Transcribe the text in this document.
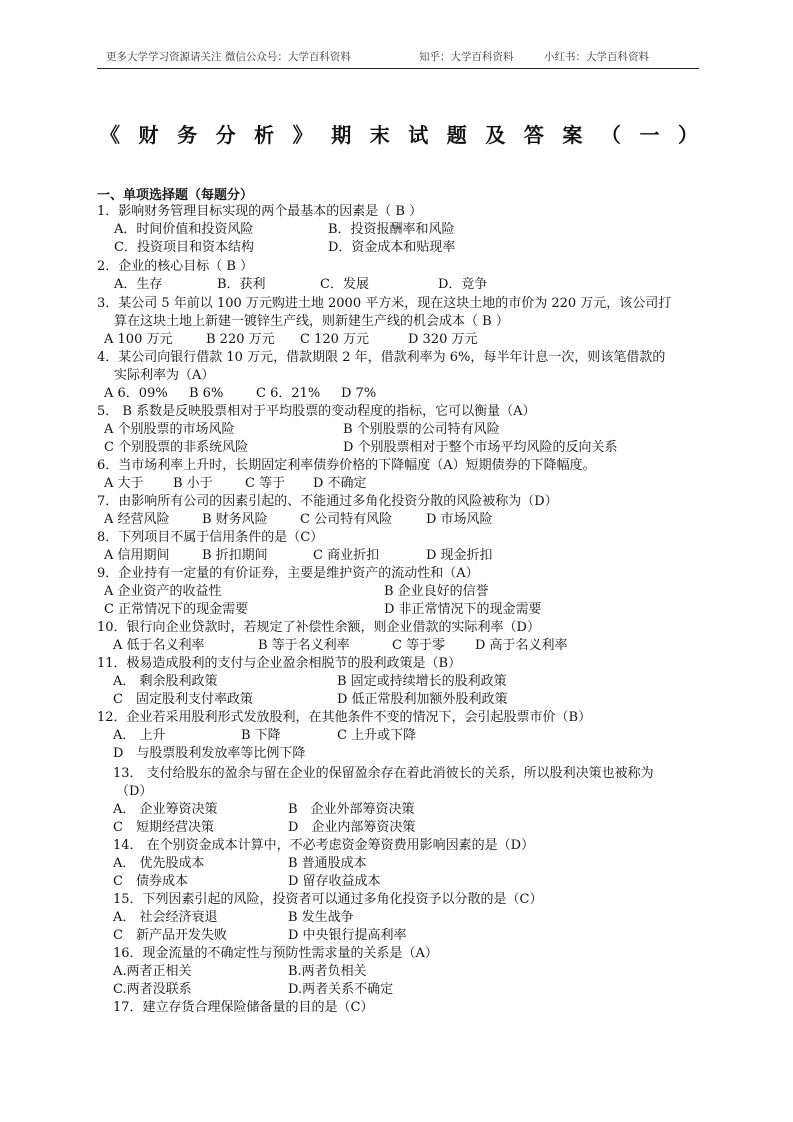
更多大学学习资源请关注 微信公众号：大学百科资料	知乎：大学百科资料	小红书：大学百科资料
《 财 务 分 析 》 期 末 试 题 及 答 案 （ 一 ）
一、单项选择题（每题分）
1．影响财务管理目标实现的两个最基本的因素是（ B ）
A．时间价值和投资风险	B．投资报酬率和风险
C．投资项目和资本结构	D．资金成本和贴现率
2．企业的核心目标（ B ）
A．生存	B．获利	C．发展	D．竞争
3．某公司 5 年前以 100 万元购进土地 2000 平方米，现在这块土地的市价为 220 万元，该公司打
算在这块土地上新建一镀锌生产线，则新建生产线的机会成本（ B ）
A 100 万元	B 220 万元 C 120 万元	D 320 万元
4．某公司向银行借款 10 万元，借款期限 2 年，借款利率为 6%，每半年计息一次，则该笔借款的
实际利率为（A）
A 6．09% B 6%	C 6．21% D 7%
5． B 系数是反映股票相对于平均股票的变动程度的指标，它可以衡量（A）
A 个别股票的市场风险	B 个别股票的公司特有风险
C 个别股票的非系统风险	D 个别股票相对于整个市场平均风险的反向关系
6．当市场利率上升时，长期固定利率债券价格的下降幅度（A）短期债券的下降幅度。
A 大于 B 小于 C 等于 D 不确定
7．由影响所有公司的因素引起的、不能通过多角化投资分散的风险被称为（D）
A 经营风险 B 财务风险 C 公司特有风险	D 市场风险
8．下列项目不属于信用条件的是（C）
A 信用期间 B 折扣期间	C 商业折扣	D 现金折扣
9．企业持有一定量的有价证券，主要是维护资产的流动性和（A）
A 企业资产的收益性	B 企业良好的信誉
C 正常情况下的现金需要	D 非正常情况下的现金需要
10．银行向企业贷款时，若规定了补偿性余额，则企业借款的实际利率（D）
A 低于名义利率	B 等于名义利率	C 等于零 D 高于名义利率
11．极易造成股利的支付与企业盈余相脱节的股利政策是（B）
A． 剩余股利政策	B 固定或持续增长的股利政策
C　固定股利支付率政策	D 低正常股利加额外股利政策
12．企业若采用股利形式发放股利，在其他条件不变的情况下，会引起股票市价（B）
A． 上升	B 下降	C 上升或下降
D　与股票股利发放率等比例下降
13． 支付给股东的盈余与留在企业的保留盈余存在着此消彼长的关系，所以股利决策也被称为
（D）
A． 企业筹资决策	B　企业外部筹资决策
C　短期经营决策	D　企业内部筹资决策
14． 在个别资金成本计算中，不必考虑资金筹资费用影响因素的是（D）
A． 优先股成本	B 普通股成本
C　债券成本	D 留存收益成本
15．下列因素引起的风险，投资者可以通过多角化投资予以分散的是（C）
A． 社会经济衰退	B 发生战争
C　新产品开发失败	D 中央银行提高利率
16．现金流量的不确定性与预防性需求量的关系是（A）
A.两者正相关	B.两者负相关
C.两者没联系	D.两者关系不确定
17．建立存货合理保险储备量的目的是（C）
